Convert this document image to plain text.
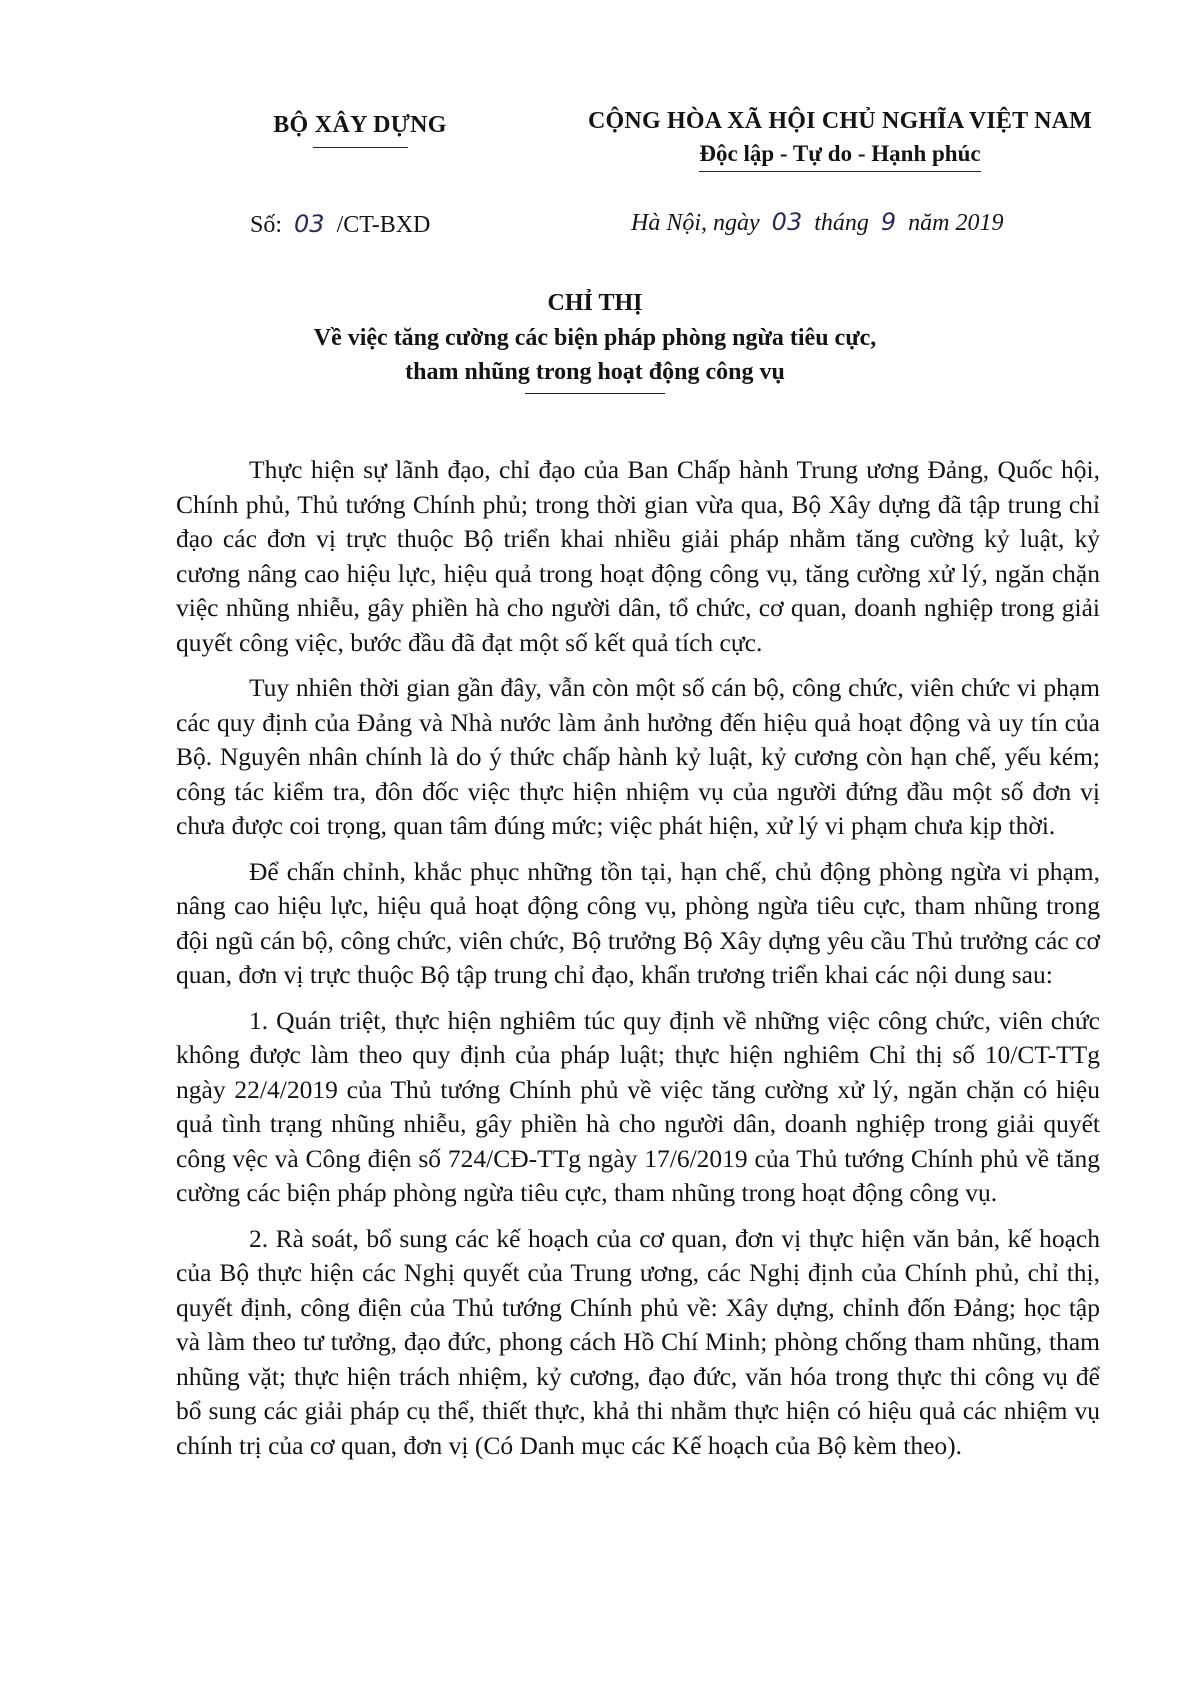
BỘ XÂY DỰNG	CỘNG HÒA XÃ HỘI CHỦ NGHĨA VIỆT NAM
Độc lập - Tự do - Hạnh phúc
Số: 03 /CT-BXD	Hà Nội, ngày 03 tháng 9 năm 2019
CHỈ THỊ
Về việc tăng cường các biện pháp phòng ngừa tiêu cực,
tham nhũng trong hoạt động công vụ

Thực hiện sự lãnh đạo, chỉ đạo của Ban Chấp hành Trung ương Đảng, Quốc hội, Chính phủ, Thủ tướng Chính phủ; trong thời gian vừa qua, Bộ Xây dựng đã tập trung chỉ đạo các đơn vị trực thuộc Bộ triển khai nhiều giải pháp nhằm tăng cường kỷ luật, kỷ cương nâng cao hiệu lực, hiệu quả trong hoạt động công vụ, tăng cường xử lý, ngăn chặn việc nhũng nhiễu, gây phiền hà cho người dân, tổ chức, cơ quan, doanh nghiệp trong giải quyết công việc, bước đầu đã đạt một số kết quả tích cực.

Tuy nhiên thời gian gần đây, vẫn còn một số cán bộ, công chức, viên chức vi phạm các quy định của Đảng và Nhà nước làm ảnh hưởng đến hiệu quả hoạt động và uy tín của Bộ. Nguyên nhân chính là do ý thức chấp hành kỷ luật, kỷ cương còn hạn chế, yếu kém; công tác kiểm tra, đôn đốc việc thực hiện nhiệm vụ của người đứng đầu một số đơn vị chưa được coi trọng, quan tâm đúng mức; việc phát hiện, xử lý vi phạm chưa kịp thời.

Để chấn chỉnh, khắc phục những tồn tại, hạn chế, chủ động phòng ngừa vi phạm, nâng cao hiệu lực, hiệu quả hoạt động công vụ, phòng ngừa tiêu cực, tham nhũng trong đội ngũ cán bộ, công chức, viên chức, Bộ trưởng Bộ Xây dựng yêu cầu Thủ trưởng các cơ quan, đơn vị trực thuộc Bộ tập trung chỉ đạo, khẩn trương triển khai các nội dung sau:

1. Quán triệt, thực hiện nghiêm túc quy định về những việc công chức, viên chức không được làm theo quy định của pháp luật; thực hiện nghiêm Chỉ thị số 10/CT-TTg ngày 22/4/2019 của Thủ tướng Chính phủ về việc tăng cường xử lý, ngăn chặn có hiệu quả tình trạng nhũng nhiễu, gây phiền hà cho người dân, doanh nghiệp trong giải quyết công vệc và Công điện số 724/CĐ-TTg ngày 17/6/2019 của Thủ tướng Chính phủ về tăng cường các biện pháp phòng ngừa tiêu cực, tham nhũng trong hoạt động công vụ.

2. Rà soát, bổ sung các kế hoạch của cơ quan, đơn vị thực hiện văn bản, kế hoạch của Bộ thực hiện các Nghị quyết của Trung ương, các Nghị định của Chính phủ, chỉ thị, quyết định, công điện của Thủ tướng Chính phủ về: Xây dựng, chỉnh đốn Đảng; học tập và làm theo tư tưởng, đạo đức, phong cách Hồ Chí Minh; phòng chống tham nhũng, tham nhũng vặt; thực hiện trách nhiệm, kỷ cương, đạo đức, văn hóa trong thực thi công vụ để bổ sung các giải pháp cụ thể, thiết thực, khả thi nhằm thực hiện có hiệu quả các nhiệm vụ chính trị của cơ quan, đơn vị (Có Danh mục các Kế hoạch của Bộ kèm theo).
